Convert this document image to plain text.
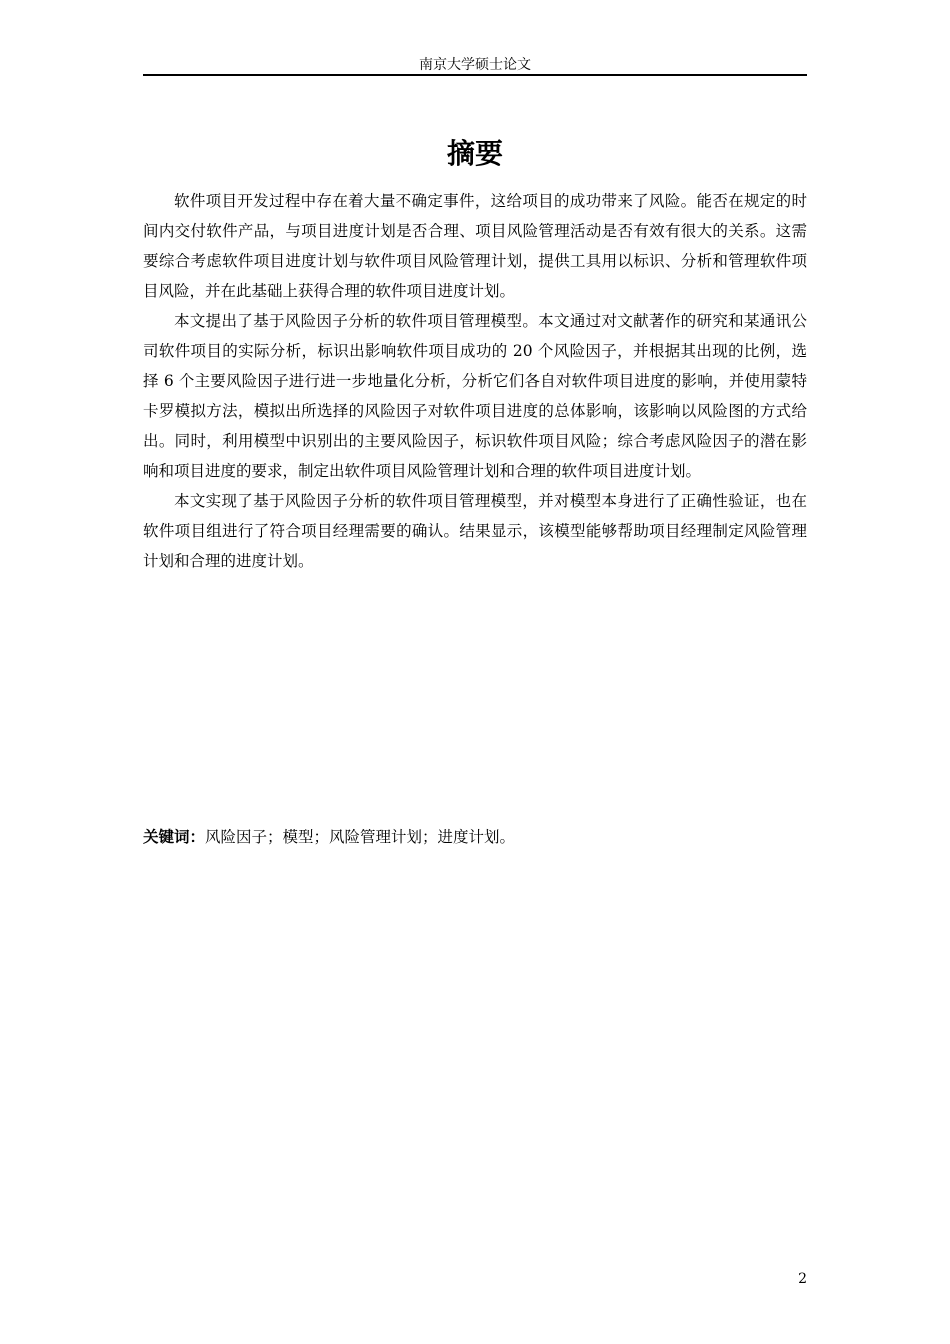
南京大学硕士论文
摘要

软件项目开发过程中存在着大量不确定事件，这给项目的成功带来了风险。能否在规定的时间内交付软件产品，与项目进度计划是否合理、项目风险管理活动是否有效有很大的关系。这需要综合考虑软件项目进度计划与软件项目风险管理计划，提供工具用以标识、分析和管理软件项目风险，并在此基础上获得合理的软件项目进度计划。

本文提出了基于风险因子分析的软件项目管理模型。本文通过对文献著作的研究和某通讯公司软件项目的实际分析，标识出影响软件项目成功的 20 个风险因子，并根据其出现的比例，选择 6 个主要风险因子进行进一步地量化分析，分析它们各自对软件项目进度的影响，并使用蒙特卡罗模拟方法，模拟出所选择的风险因子对软件项目进度的总体影响，该影响以风险图的方式给出。同时，利用模型中识别出的主要风险因子，标识软件项目风险；综合考虑风险因子的潜在影响和项目进度的要求，制定出软件项目风险管理计划和合理的软件项目进度计划。

本文实现了基于风险因子分析的软件项目管理模型，并对模型本身进行了正确性验证，也在软件项目组进行了符合项目经理需要的确认。结果显示，该模型能够帮助项目经理制定风险管理计划和合理的进度计划。

关键词：风险因子；模型；风险管理计划；进度计划。
2
